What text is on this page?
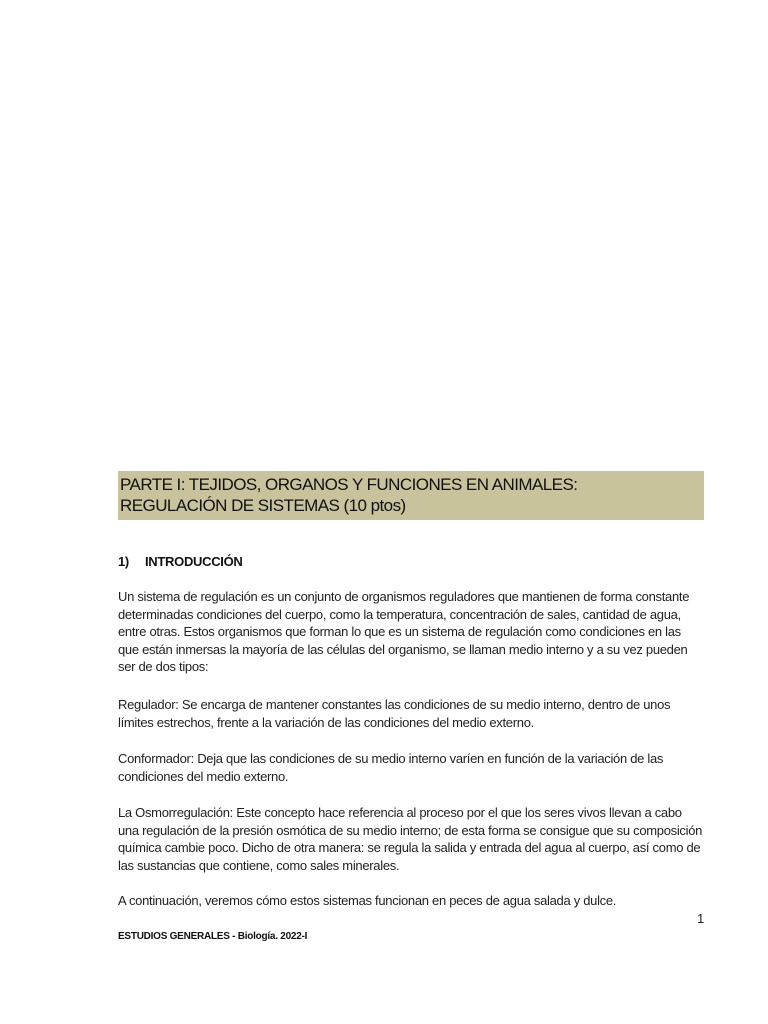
PARTE I: TEJIDOS, ORGANOS Y FUNCIONES EN ANIMALES:
REGULACIÓN DE SISTEMAS (10 ptos)
1) INTRODUCCIÓN

Un sistema de regulación es un conjunto de organismos reguladores que mantienen de forma constante
determinadas condiciones del cuerpo, como la temperatura, concentración de sales, cantidad de agua,
entre otras. Estos organismos que forman lo que es un sistema de regulación como condiciones en las
que están inmersas la mayoría de las células del organismo, se llaman medio interno y a su vez pueden
ser de dos tipos:

Regulador: Se encarga de mantener constantes las condiciones de su medio interno, dentro de unos
límites estrechos, frente a la variación de las condiciones del medio externo.

Conformador: Deja que las condiciones de su medio interno varíen en función de la variación de las
condiciones del medio externo.

La Osmorregulación: Este concepto hace referencia al proceso por el que los seres vivos llevan a cabo
una regulación de la presión osmótica de su medio interno; de esta forma se consigue que su composición
química cambie poco. Dicho de otra manera: se regula la salida y entrada del agua al cuerpo, así como de
las sustancias que contiene, como sales minerales.

A continuación, veremos cómo estos sistemas funcionan en peces de agua salada y dulce.

1
ESTUDIOS GENERALES - Biología. 2022-I
